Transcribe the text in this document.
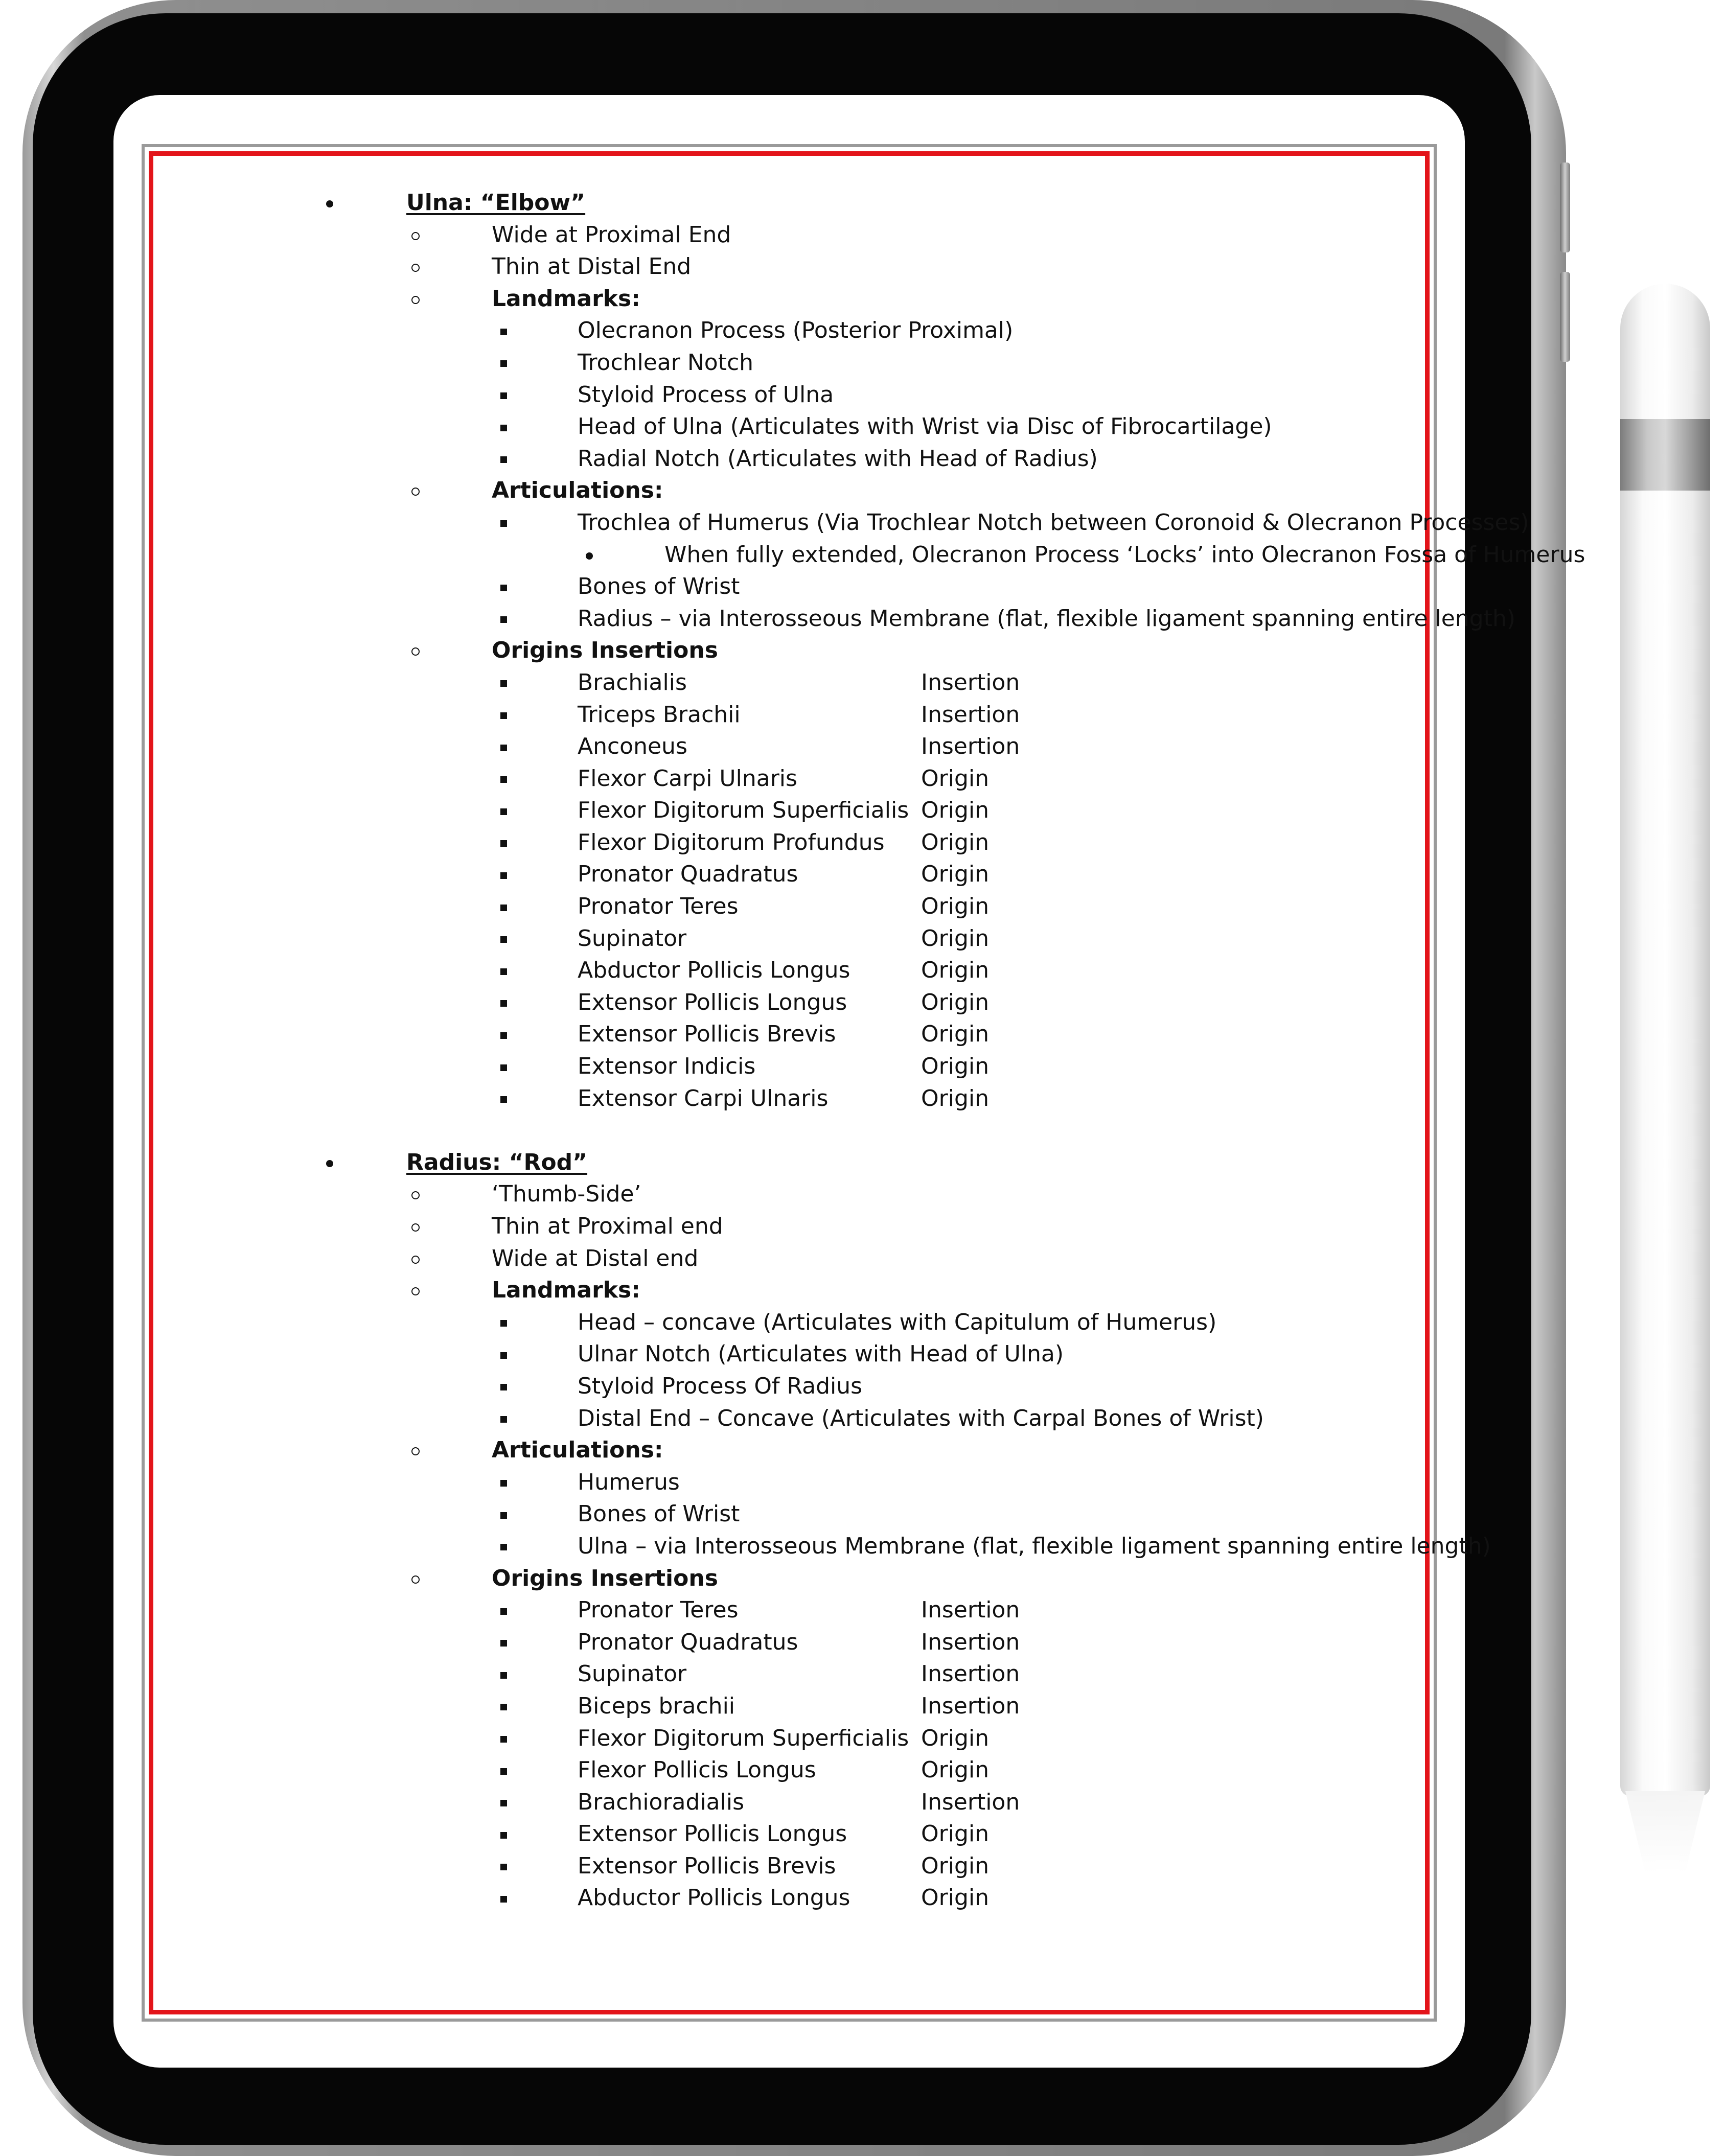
Ulna: “Elbow”
Wide at Proximal End
Thin at Distal End
Landmarks:
Olecranon Process (Posterior Proximal)
Trochlear Notch
Styloid Process of Ulna
Head of Ulna (Articulates with Wrist via Disc of Fibrocartilage)
Radial Notch (Articulates with Head of Radius)
Articulations:
Trochlea of Humerus (Via Trochlear Notch between Coronoid & Olecranon Processes)
When fully extended, Olecranon Process ‘Locks’ into Olecranon Fossa of Humerus
Bones of Wrist
Radius – via Interosseous Membrane (flat, flexible ligament spanning entire length)
Origins Insertions
Brachialis	Insertion
Triceps Brachii	Insertion
Anconeus	Insertion
Flexor Carpi Ulnaris	Origin
Flexor Digitorum Superficialis Origin
Flexor Digitorum Profundus Origin
Pronator Quadratus	Origin
Pronator Teres	Origin
Supinator	Origin
Abductor Pollicis Longus	Origin
Extensor Pollicis Longus	Origin
Extensor Pollicis Brevis	Origin
Extensor Indicis	Origin
Extensor Carpi Ulnaris	Origin
Radius: “Rod”
‘Thumb-Side’
Thin at Proximal end
Wide at Distal end
Landmarks:
Head – concave (Articulates with Capitulum of Humerus)
Ulnar Notch (Articulates with Head of Ulna)
Styloid Process Of Radius
Distal End – Concave (Articulates with Carpal Bones of Wrist)
Articulations:
Humerus
Bones of Wrist
Ulna – via Interosseous Membrane (flat, flexible ligament spanning entire length)
Origins Insertions
Pronator Teres	Insertion
Pronator Quadratus	Insertion
Supinator	Insertion
Biceps brachii	Insertion
Flexor Digitorum Superficialis Origin
Flexor Pollicis Longus	Origin
Brachioradialis	Insertion
Extensor Pollicis Longus	Origin
Extensor Pollicis Brevis	Origin
Abductor Pollicis Longus	Origin
